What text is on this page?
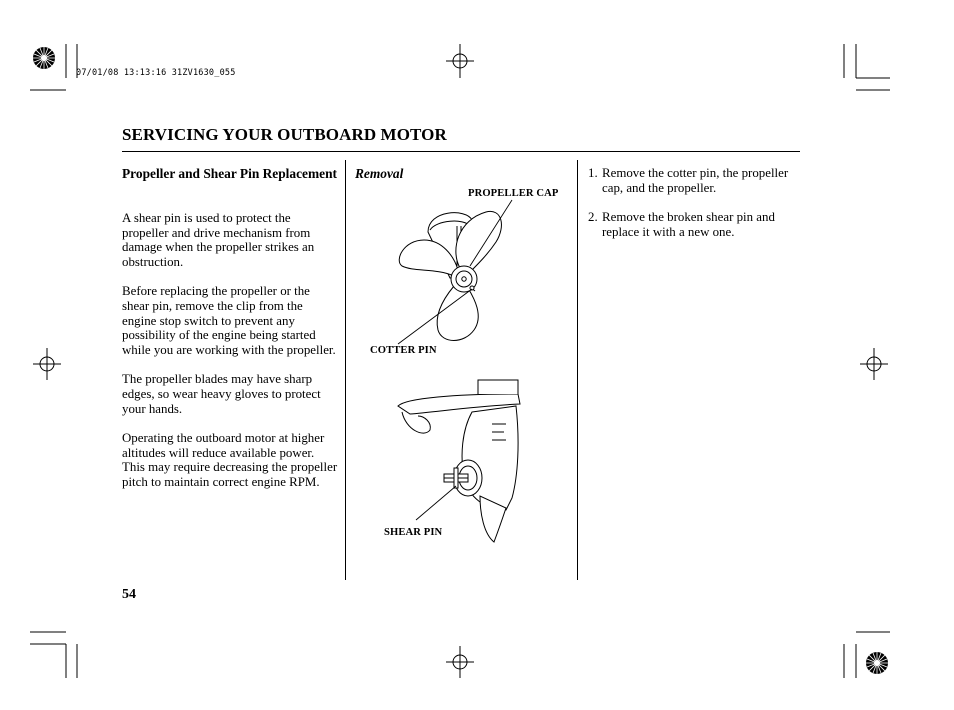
07/01/08 13:13:16 31ZV1630_055
SERVICING YOUR OUTBOARD MOTOR
Propeller and Shear Pin Replacement

A shear pin is used to protect the propeller and drive mechanism from damage when the propeller strikes an obstruction.

Before replacing the propeller or the shear pin, remove the clip from the engine stop switch to prevent any possibility of the engine being started while you are working with the propeller.

The propeller blades may have sharp edges, so wear heavy gloves to protect your hands.

Operating the outboard motor at higher altitudes will reduce available power. This may require decreasing the propeller pitch to maintain correct engine RPM.

Removal
PROPELLER CAP
COTTER PIN
SHEAR PIN
1. Remove the cotter pin, the propeller cap, and the propeller.
2. Remove the broken shear pin and replace it with a new one.
54
